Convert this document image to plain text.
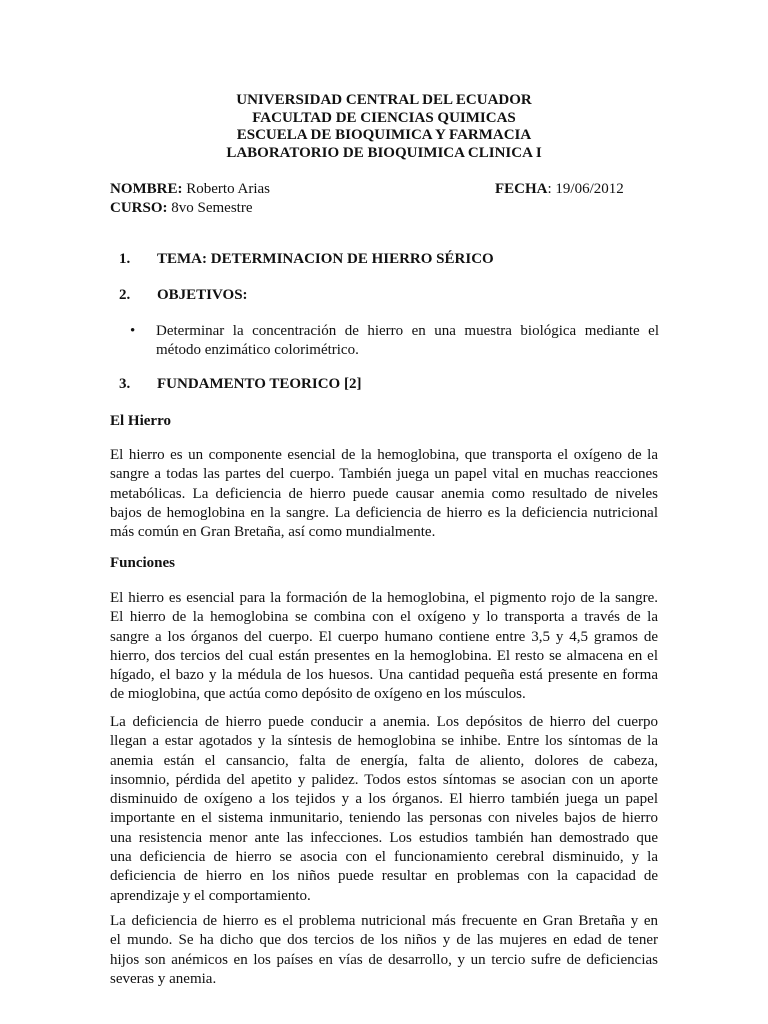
UNIVERSIDAD CENTRAL DEL ECUADOR
FACULTAD DE CIENCIAS QUIMICAS
ESCUELA DE BIOQUIMICA Y FARMACIA
LABORATORIO DE BIOQUIMICA CLINICA I
NOMBRE: Roberto Arias	FECHA: 19/06/2012
CURSO: 8vo Semestre
1. TEMA: DETERMINACION DE HIERRO SÉRICO
2. OBJETIVOS:
• Determinar la concentración de hierro en una muestra biológica mediante el
método enzimático colorimétrico.
3. FUNDAMENTO TEORICO [2]
El Hierro
El hierro es un componente esencial de la hemoglobina, que transporta el oxígeno de la
sangre a todas las partes del cuerpo. También juega un papel vital en muchas reacciones
metabólicas. La deficiencia de hierro puede causar anemia como resultado de niveles
bajos de hemoglobina en la sangre. La deficiencia de hierro es la deficiencia nutricional
más común en Gran Bretaña, así como mundialmente.
Funciones
El hierro es esencial para la formación de la hemoglobina, el pigmento rojo de la sangre.
El hierro de la hemoglobina se combina con el oxígeno y lo transporta a través de la
sangre a los órganos del cuerpo. El cuerpo humano contiene entre 3,5 y 4,5 gramos de
hierro, dos tercios del cual están presentes en la hemoglobina. El resto se almacena en el
hígado, el bazo y la médula de los huesos. Una cantidad pequeña está presente en forma
de mioglobina, que actúa como depósito de oxígeno en los músculos.
La deficiencia de hierro puede conducir a anemia. Los depósitos de hierro del cuerpo
llegan a estar agotados y la síntesis de hemoglobina se inhibe. Entre los síntomas de la
anemia están el cansancio, falta de energía, falta de aliento, dolores de cabeza,
insomnio, pérdida del apetito y palidez. Todos estos síntomas se asocian con un aporte
disminuido de oxígeno a los tejidos y a los órganos. El hierro también juega un papel
importante en el sistema inmunitario, teniendo las personas con niveles bajos de hierro
una resistencia menor ante las infecciones. Los estudios también han demostrado que
una deficiencia de hierro se asocia con el funcionamiento cerebral disminuido, y la
deficiencia de hierro en los niños puede resultar en problemas con la capacidad de
aprendizaje y el comportamiento.
La deficiencia de hierro es el problema nutricional más frecuente en Gran Bretaña y en
el mundo. Se ha dicho que dos tercios de los niños y de las mujeres en edad de tener
hijos son anémicos en los países en vías de desarrollo, y un tercio sufre de deficiencias
severas y anemia.
